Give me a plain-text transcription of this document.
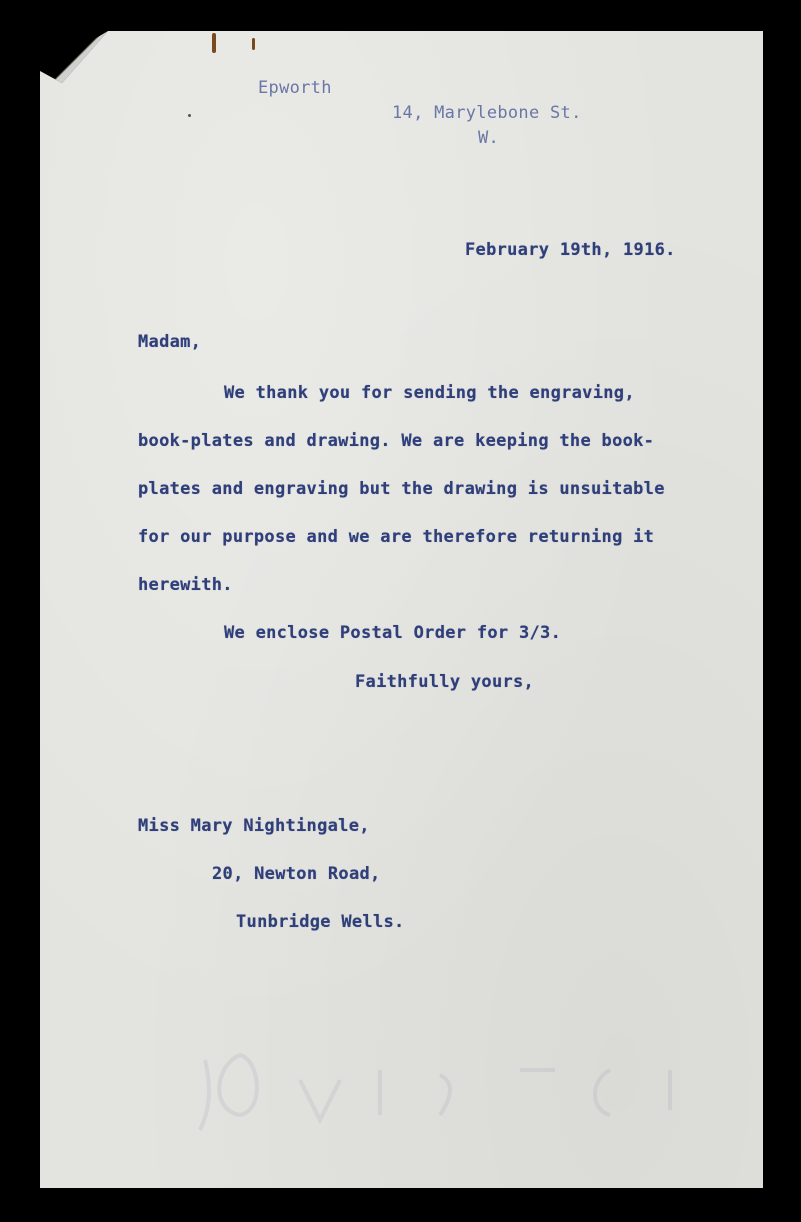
Epworth
14, Marylebone St.
W.
February 19th, 1916.
Madam,
We thank you for sending the engraving,
book-plates and drawing. We are keeping the book-
plates and engraving but the drawing is unsuitable
for our purpose and we are therefore returning it
herewith.
We enclose Postal Order for 3/3.
Faithfully yours,
Miss Mary Nightingale,
20, Newton Road,
Tunbridge Wells.
